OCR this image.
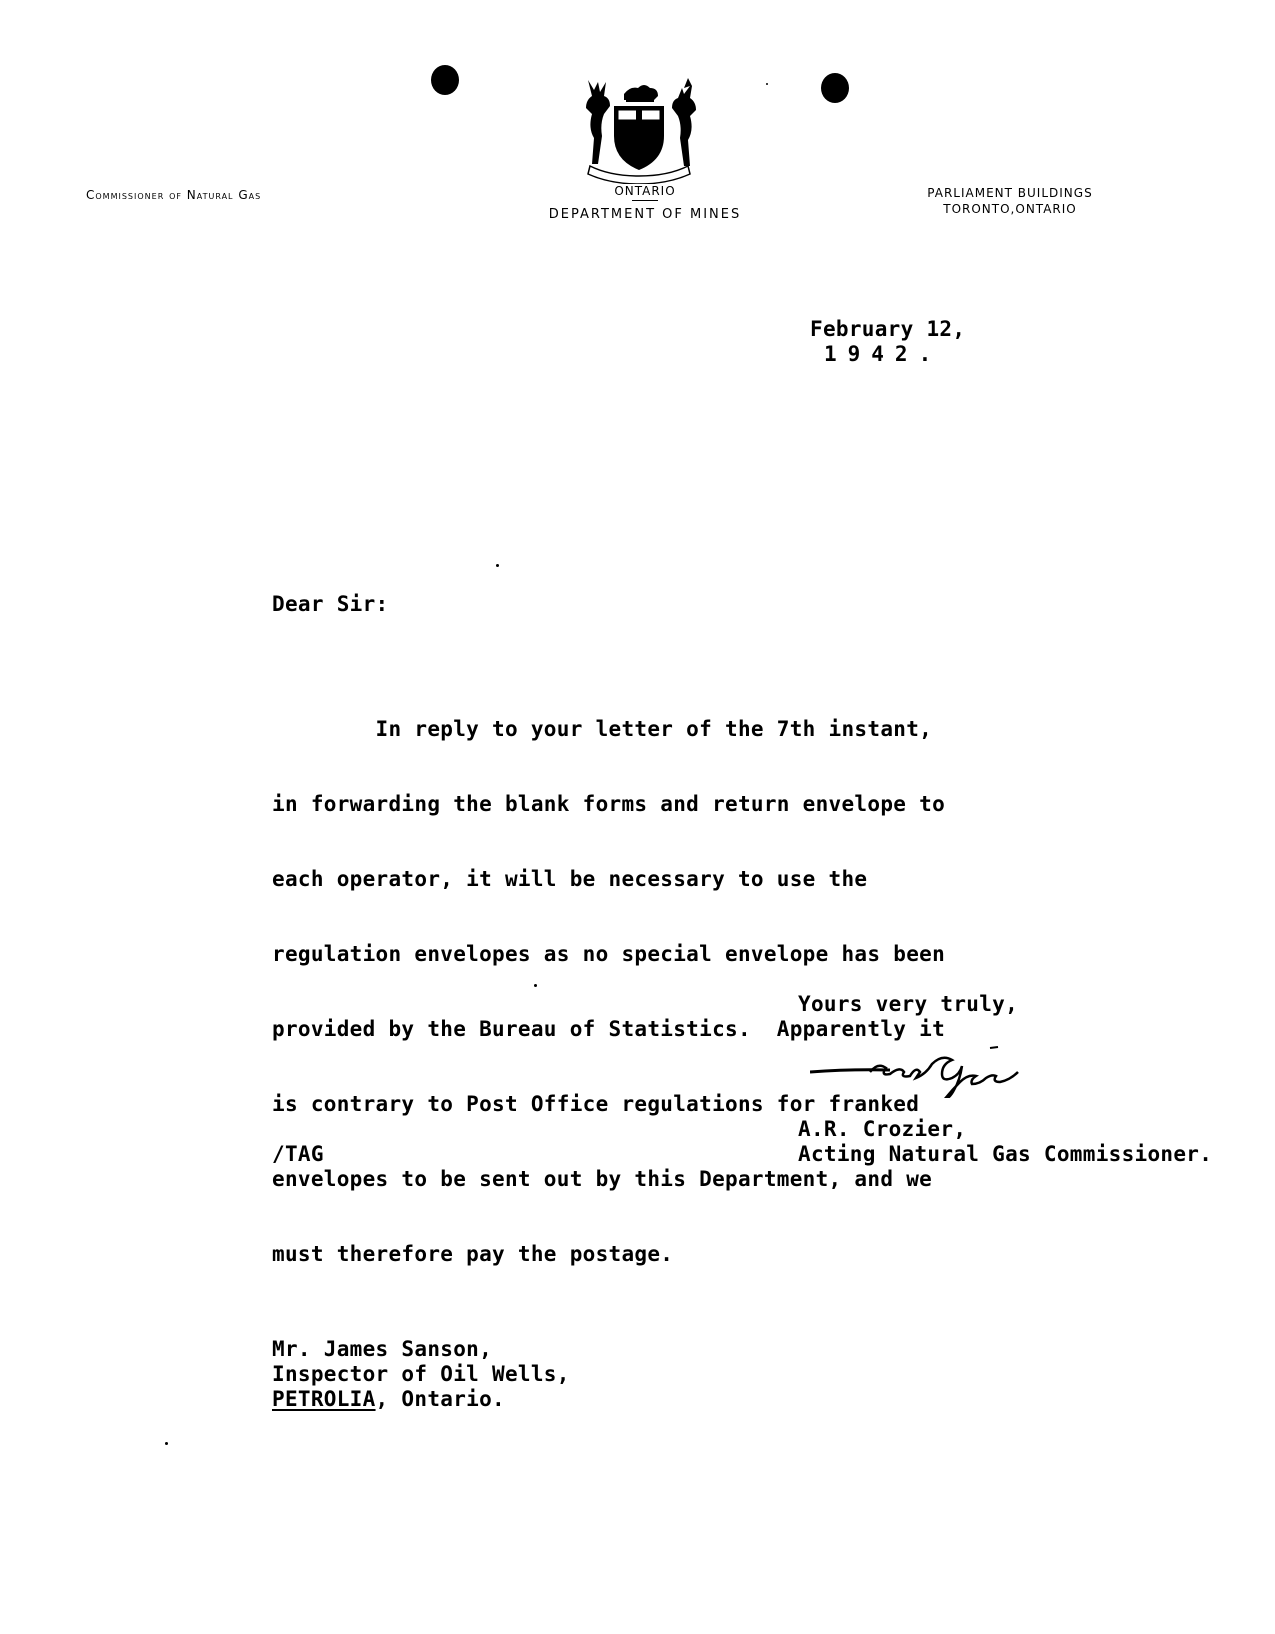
Commissioner of Natural Gas	ONTARIO
DEPARTMENT OF MINES
PARLIAMENT BUILDINGS
TORONTO,ONTARIO
February 12,
1942.
Dear Sir:

In reply to your letter of the 7th instant,

in forwarding the blank forms and return envelope to

each operator, it will be necessary to use the

regulation envelopes as no special envelope has been

provided by the Bureau of Statistics.  Apparently it

is contrary to Post Office regulations for franked

envelopes to be sent out by this Department, and we

must therefore pay the postage.

Yours very truly,
A.R. Crozier,
Acting Natural Gas Commissioner.
/TAG
Mr. James Sanson,
Inspector of Oil Wells,
PETROLIA, Ontario.
